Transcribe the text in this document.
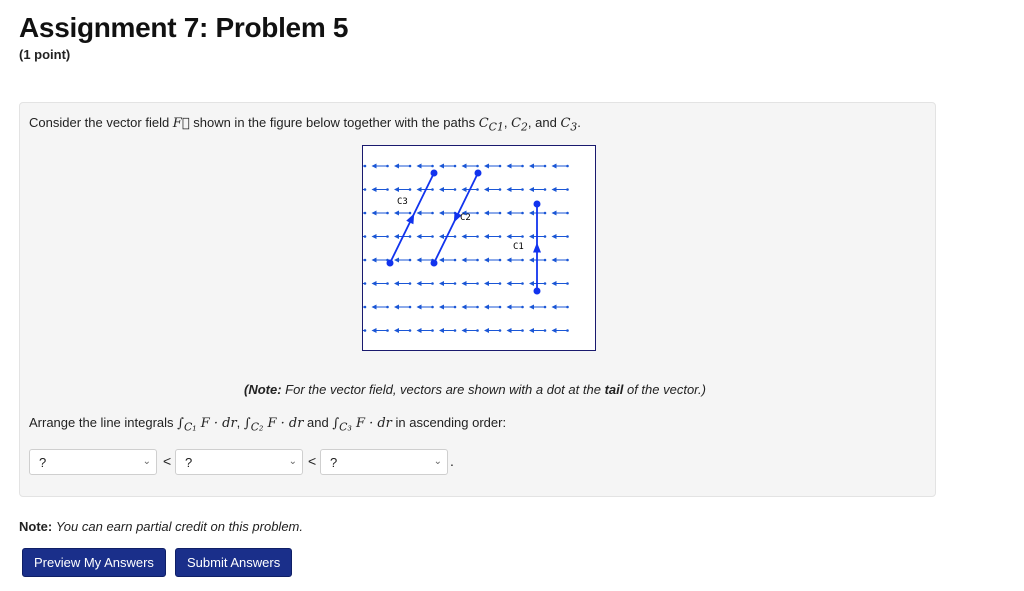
Assignment 7: Problem 5
(1 point)
Consider the vector field F shown in the figure below together with the paths $C_{C1}$, $C_2$, and $C_3$.
C3
C2
C1
(Note: For the vector field, vectors are shown with a dot at the tail of the vector.)
Arrange the line integrals $\int_{C_1}$ F · dr, $\int_{C_2}$ F · dr and $\int_{C_3}$ F · dr in ascending order:
?	⌄ < ?	⌄ < ?	⌄ .
Note: You can earn partial credit on this problem.
Preview My Answers	Submit Answers
